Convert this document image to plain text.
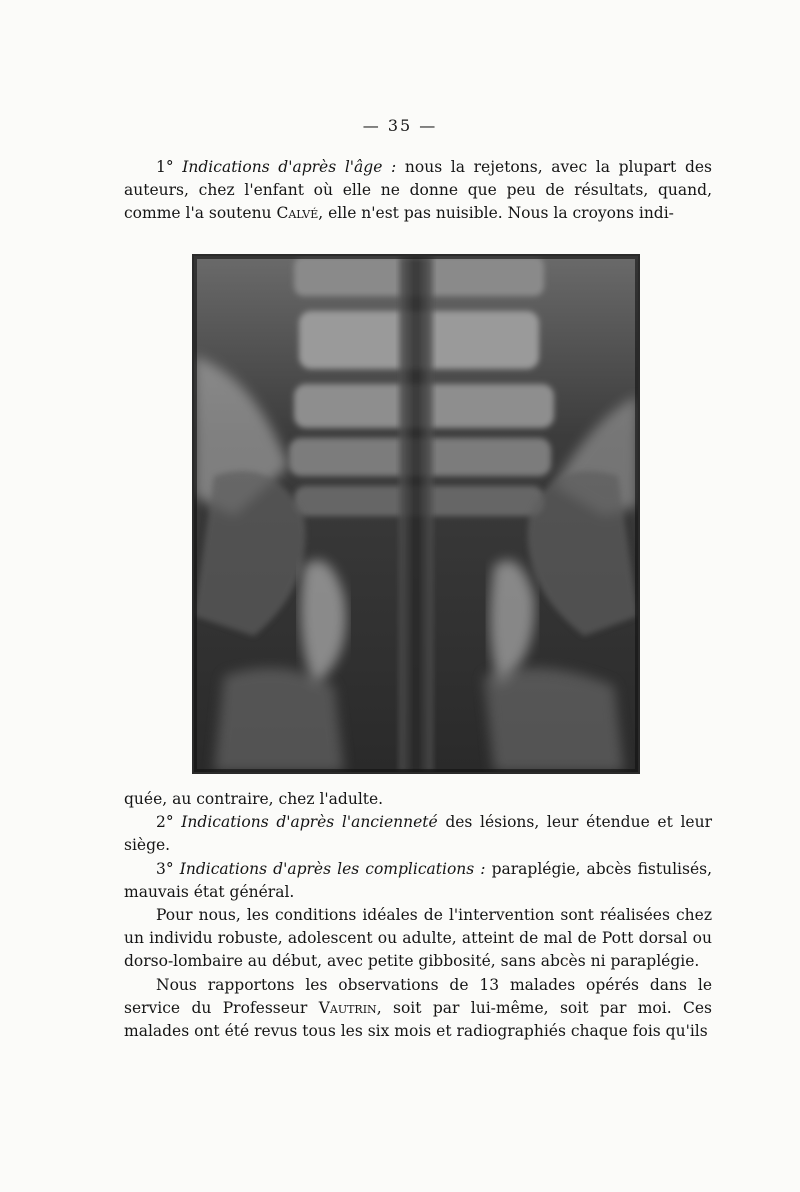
— 35 —

1° Indications d'après l'âge : nous la rejetons, avec la plupart des auteurs, chez l'enfant où elle ne donne que peu de résultats, quand, comme l'a soutenu Calvé, elle n'est pas nuisible. Nous la croyons indi-

quée, au contraire, chez l'adulte.

2° Indications d'après l'ancienneté des lésions, leur étendue et leur siège.

3° Indications d'après les complications : paraplégie, abcès fistulisés, mauvais état général.

Pour nous, les conditions idéales de l'intervention sont réalisées chez un individu robuste, adolescent ou adulte, atteint de mal de Pott dorsal ou dorso-lombaire au début, avec petite gibbosité, sans abcès ni paraplégie.

Nous rapportons les observations de 13 malades opérés dans le service du Professeur Vautrin, soit par lui-même, soit par moi. Ces malades ont été revus tous les six mois et radiographiés chaque fois qu'ils
